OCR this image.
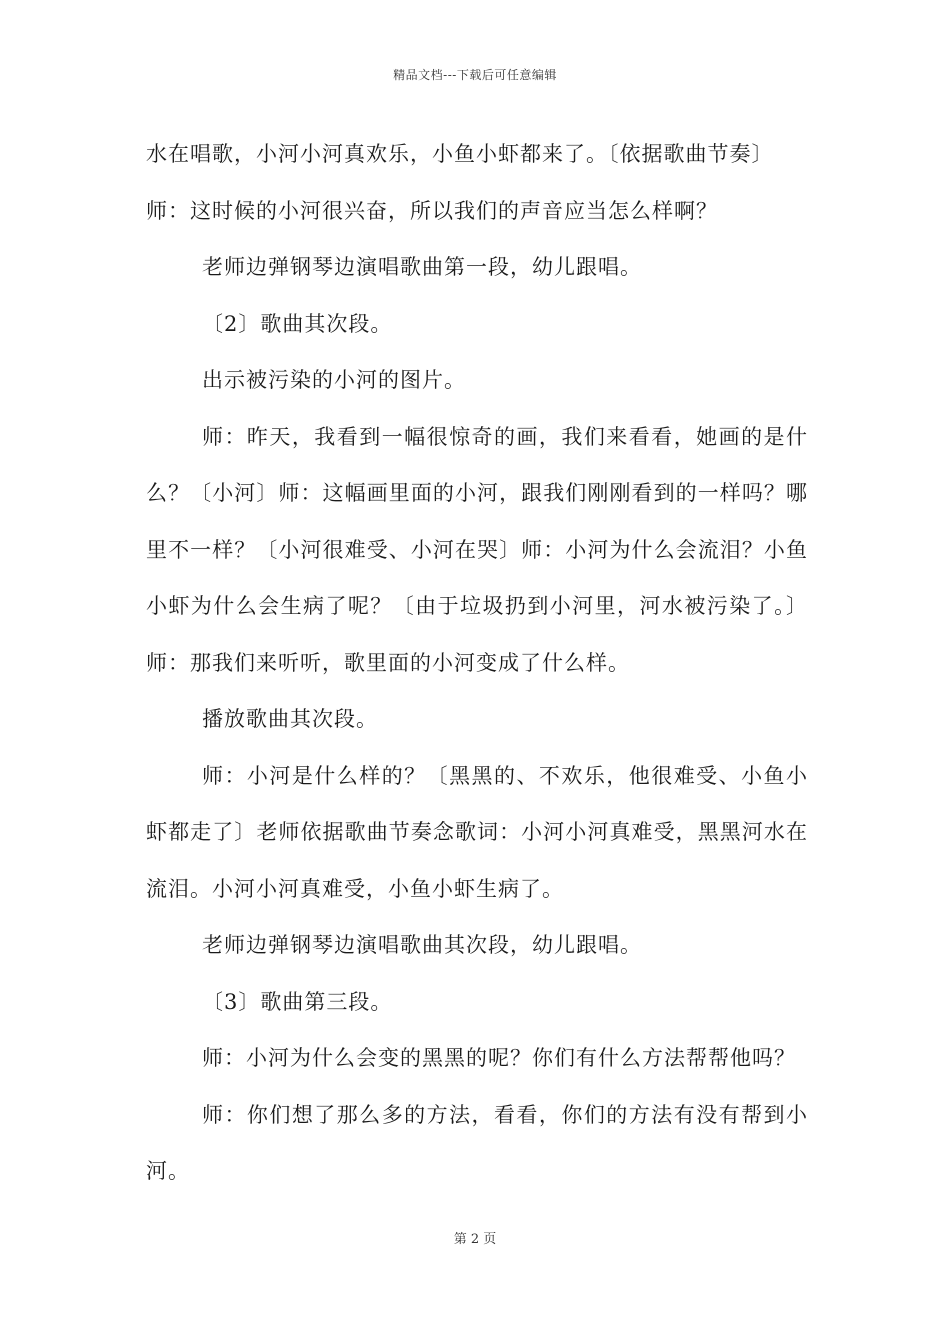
精品文档---下载后可任意编辑

水在唱歌，小河小河真欢乐，小鱼小虾都来了。〔依据歌曲节奏〕

师：这时候的小河很兴奋，所以我们的声音应当怎么样啊？

老师边弹钢琴边演唱歌曲第一段，幼儿跟唱。

〔2〕歌曲其次段。

出示被污染的小河的图片。

师：昨天，我看到一幅很惊奇的画，我们来看看，她画的是什么？〔小河〕师：这幅画里面的小河，跟我们刚刚看到的一样吗？哪里不一样？〔小河很难受、小河在哭〕师：小河为什么会流泪？小鱼小虾为什么会生病了呢？〔由于垃圾扔到小河里，河水被污染了。〕师：那我们来听听，歌里面的小河变成了什么样。

播放歌曲其次段。

师：小河是什么样的？〔黑黑的、不欢乐，他很难受、小鱼小虾都走了〕老师依据歌曲节奏念歌词：小河小河真难受，黑黑河水在流泪。小河小河真难受，小鱼小虾生病了。

老师边弹钢琴边演唱歌曲其次段，幼儿跟唱。

〔3〕歌曲第三段。

师：小河为什么会变的黑黑的呢？你们有什么方法帮帮他吗？

师：你们想了那么多的方法，看看，你们的方法有没有帮到小河。

第 2 页
